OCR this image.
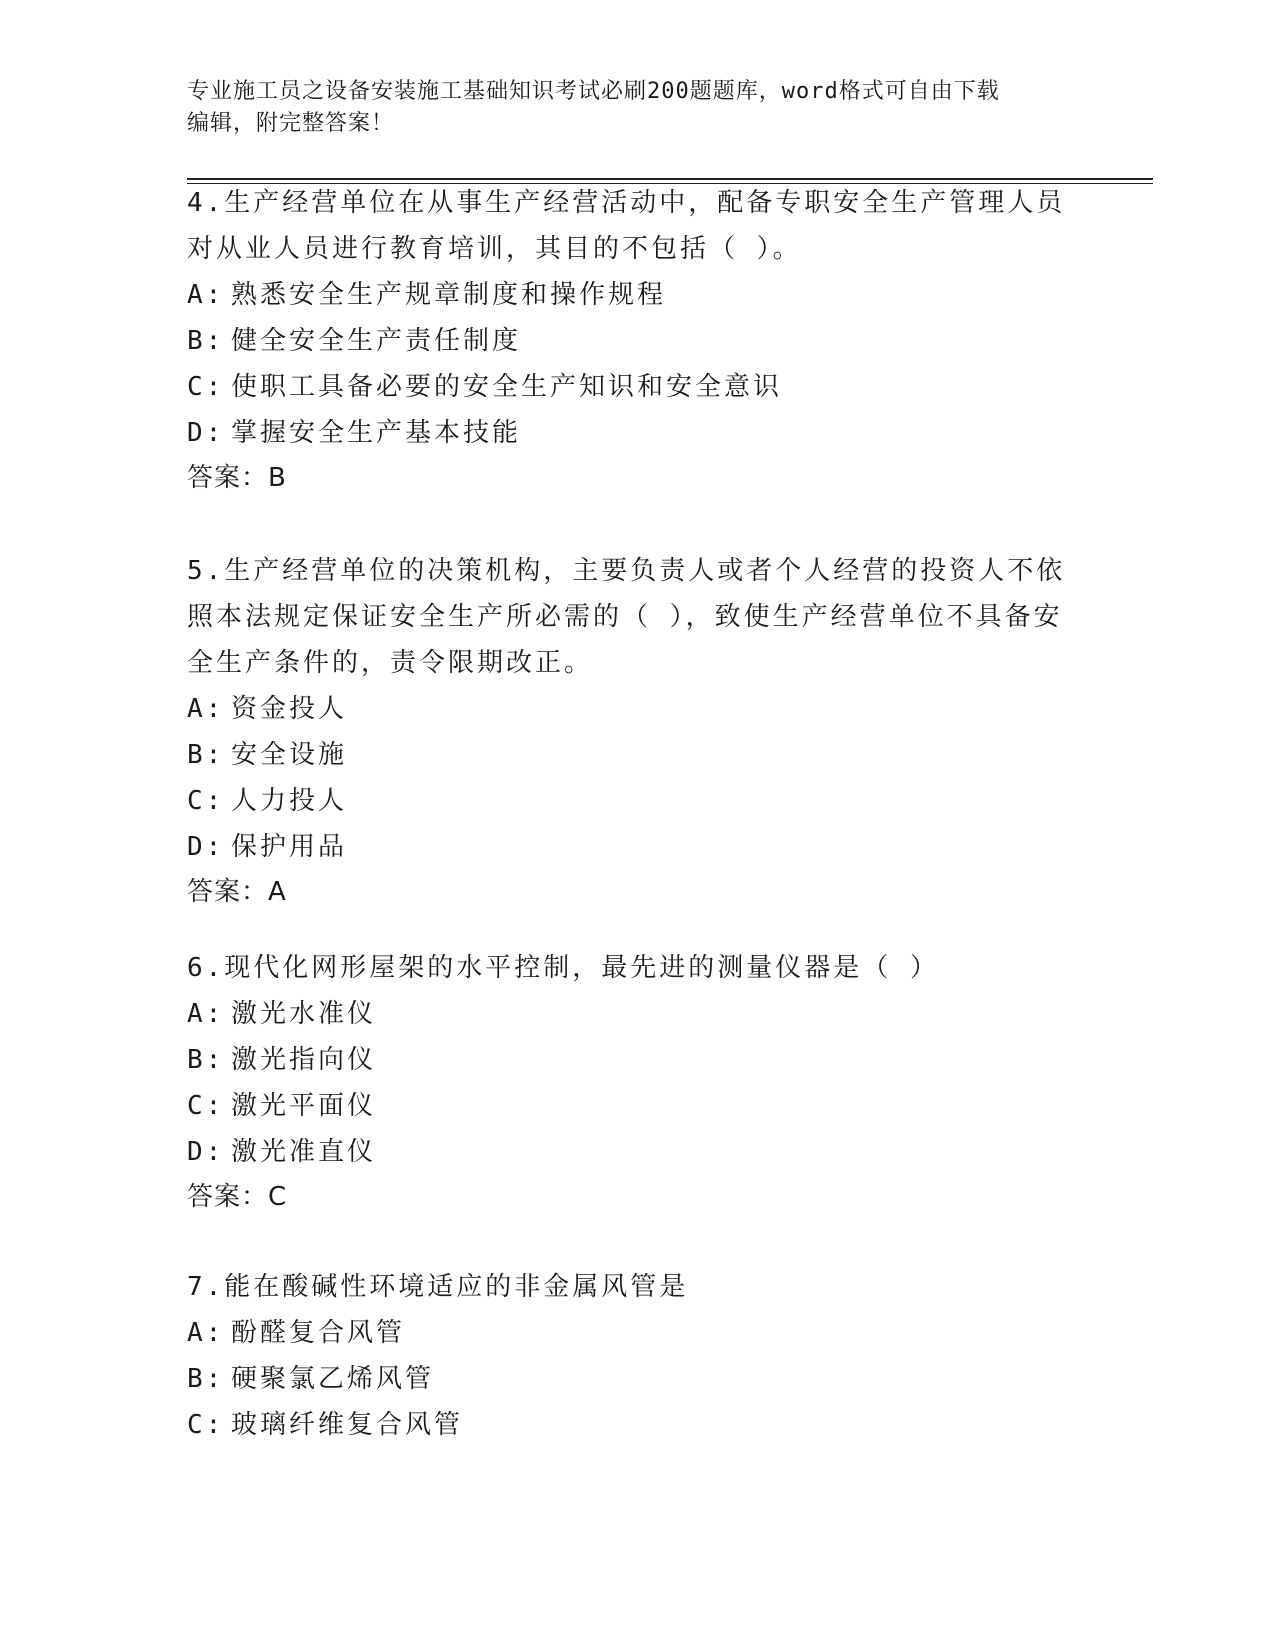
专业施工员之设备安装施工基础知识考试必刷200题题库，word格式可自由下载
编辑，附完整答案！
4.生产经营单位在从事生产经营活动中，配备专职安全生产管理人员对从业人员进行教育培训，其目的不包括（ ）。
A: 熟悉安全生产规章制度和操作规程
B: 健全安全生产责任制度
C: 使职工具备必要的安全生产知识和安全意识
D: 掌握安全生产基本技能
答案：B
5.生产经营单位的决策机构，主要负责人或者个人经营的投资人不依照本法规定保证安全生产所必需的（ ），致使生产经营单位不具备安全生产条件的，责令限期改正。
A: 资金投人
B: 安全设施
C: 人力投人
D: 保护用品
答案：A
6.现代化网形屋架的水平控制，最先进的测量仪器是（ ）
A: 激光水准仪
B: 激光指向仪
C: 激光平面仪
D: 激光准直仪
答案：C
7.能在酸碱性环境适应的非金属风管是
A: 酚醛复合风管
B: 硬聚氯乙烯风管
C: 玻璃纤维复合风管
